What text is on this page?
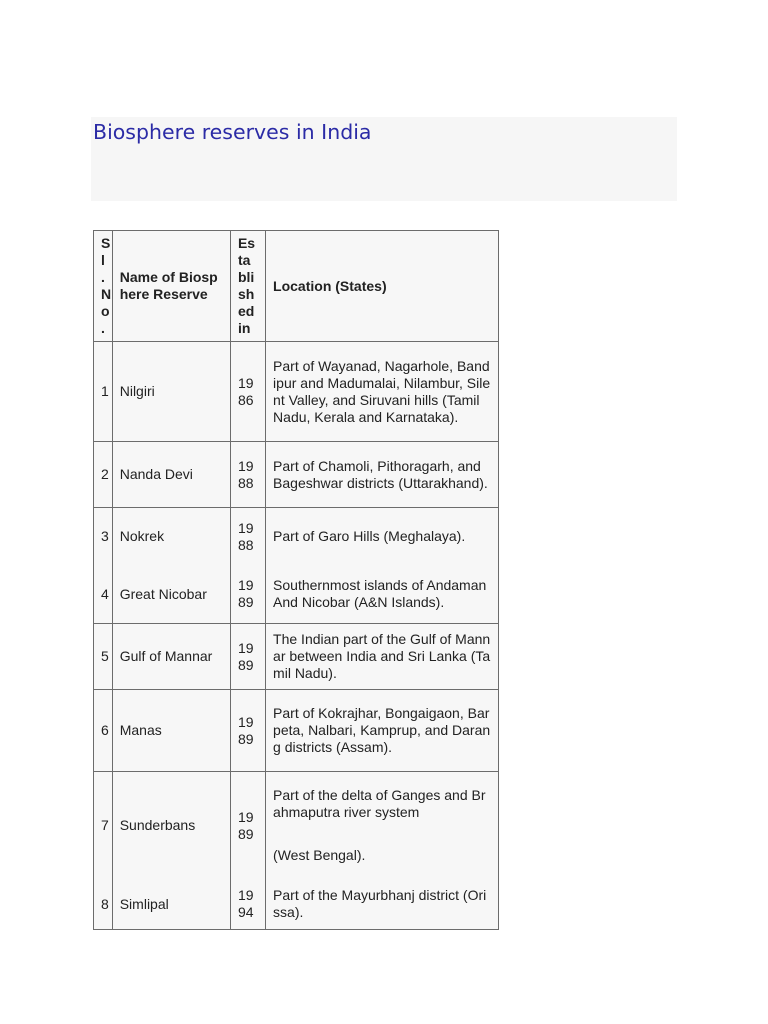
Biosphere reserves in India
Sl. No.	Name of Biosphere Reserve	Established in	Location (States)
1	Nilgiri	1986	Part of Wayanad, Nagarhole, Bandipur and Madumalai, Nilambur, Silent Valley, and Siruvani hills (Tamil Nadu, Kerala and Karnataka).
2	Nanda Devi	1988	Part of Chamoli, Pithoragarh, and Bageshwar districts (Uttarakhand).
3	Nokrek	1988	Part of Garo Hills (Meghalaya).
4	Great Nicobar	1989	Southernmost islands of Andaman And Nicobar (A&N Islands).
5	Gulf of Mannar	1989	The Indian part of the Gulf of Mannar between India and Sri Lanka (Tamil Nadu).
6	Manas	1989	Part of Kokrajhar, Bongaigaon, Barpeta, Nalbari, Kamprup, and Darang districts (Assam).
7	Sunderbans	1989	Part of the delta of Ganges and Brahmaputra river system
(West Bengal).
8	Simlipal	1994	Part of the Mayurbhanj district (Orissa).
